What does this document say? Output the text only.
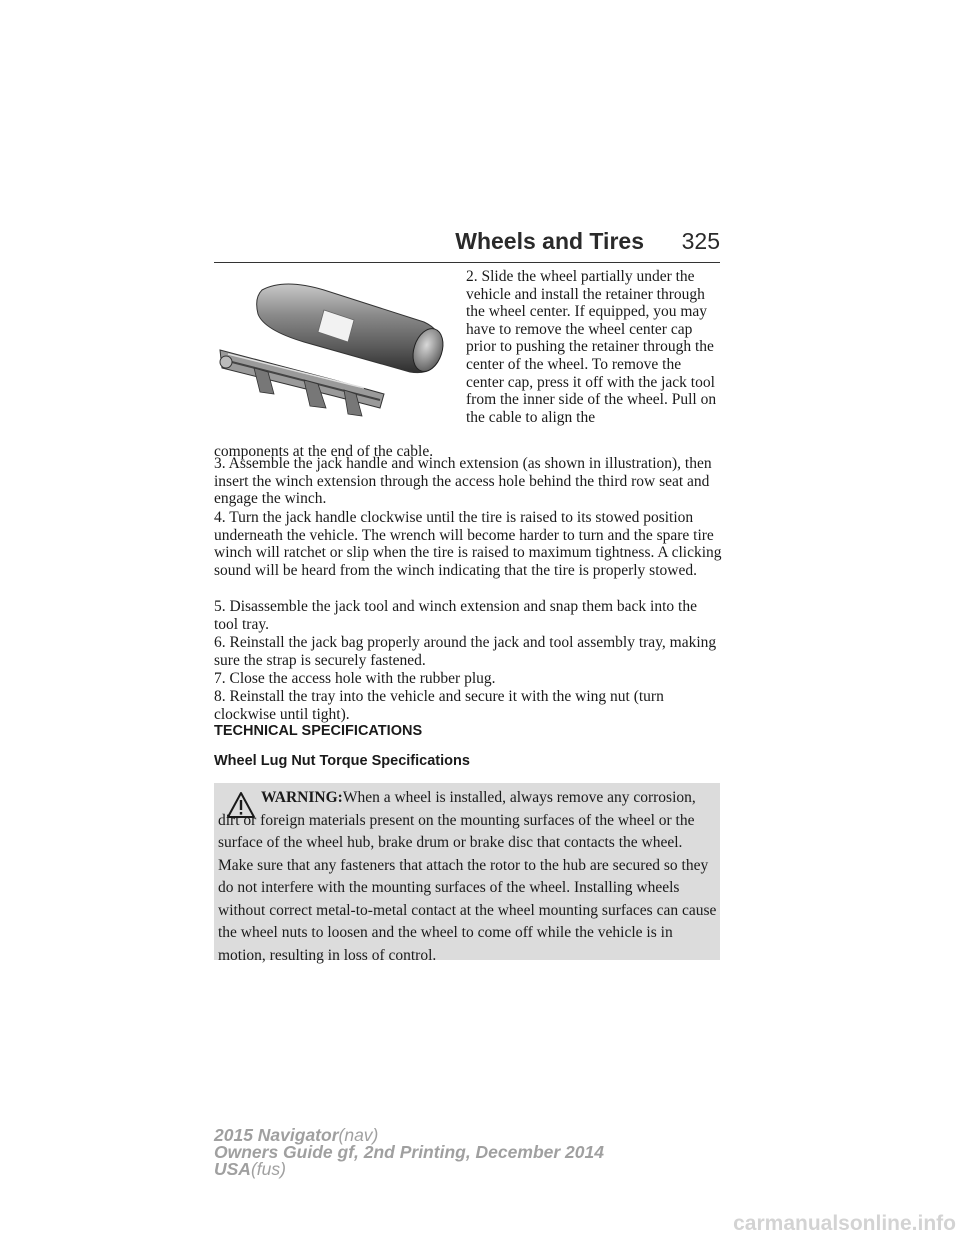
Wheels and Tires 325
2. Slide the wheel partially under the vehicle and install the retainer through the wheel center. If equipped, you may have to remove the wheel center cap prior to pushing the retainer through the center of the wheel. To remove the center cap, press it off with the jack tool from the inner side of the wheel. Pull on the cable to align the
components at the end of the cable.
3. Assemble the jack handle and winch extension (as shown in illustration), then insert the winch extension through the access hole behind the third row seat and engage the winch.
4. Turn the jack handle clockwise until the tire is raised to its stowed position underneath the vehicle. The wrench will become harder to turn and the spare tire winch will ratchet or slip when the tire is raised to maximum tightness. A clicking sound will be heard from the winch indicating that the tire is properly stowed.
5. Disassemble the jack tool and winch extension and snap them back into the tool tray.
6. Reinstall the jack bag properly around the jack and tool assembly tray, making sure the strap is securely fastened.
7. Close the access hole with the rubber plug.
8. Reinstall the tray into the vehicle and secure it with the wing nut (turn clockwise until tight).
TECHNICAL SPECIFICATIONS
Wheel Lug Nut Torque Specifications
WARNING:When a wheel is installed, always remove any corrosion, dirt or foreign materials present on the mounting surfaces of the wheel or the surface of the wheel hub, brake drum or brake disc that contacts the wheel. Make sure that any fasteners that attach the rotor to the hub are secured so they do not interfere with the mounting surfaces of the wheel. Installing wheels without correct metal-to-metal contact at the wheel mounting surfaces can cause the wheel nuts to loosen and the wheel to come off while the vehicle is in motion, resulting in loss of control.
2015 Navigator(nav)
Owners Guide gf, 2nd Printing, December 2014
USA(fus)
carmanualsonline.info
